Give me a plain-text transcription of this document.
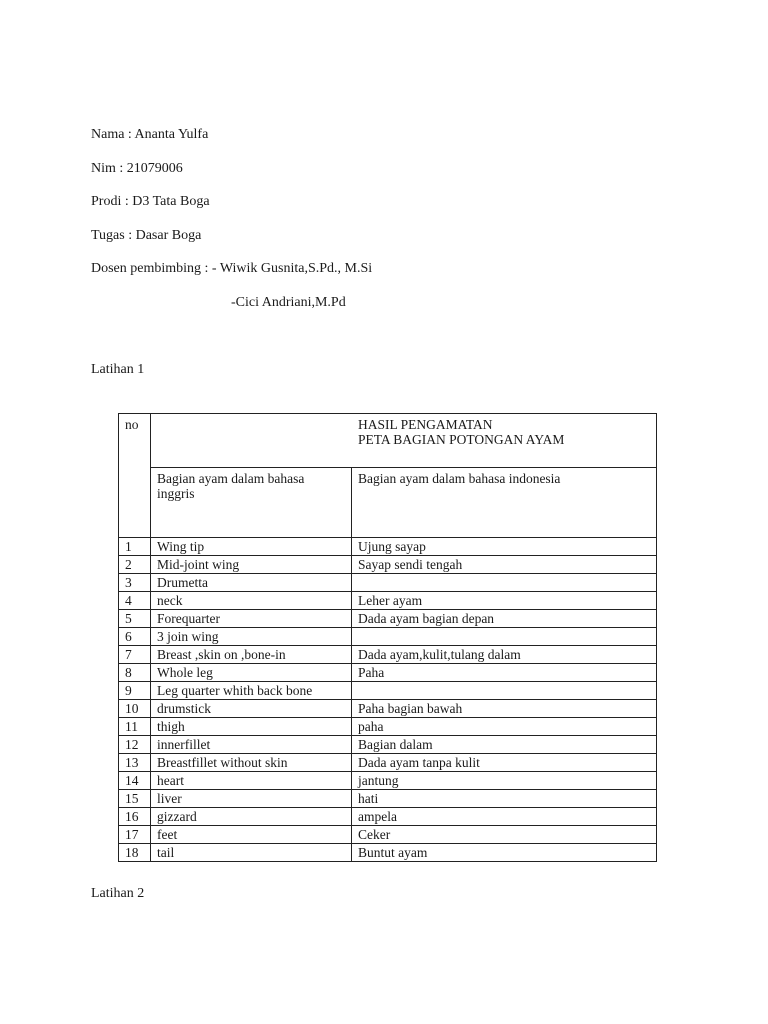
Nama : Ananta Yulfa
Nim : 21079006
Prodi : D3 Tata Boga
Tugas : Dasar Boga
Dosen pembimbing : - Wiwik Gusnita,S.Pd., M.Si
-Cici Andriani,M.Pd
Latihan 1
no	HASIL PENGAMATAN
PETA BAGIAN POTONGAN AYAM	

	Bagian ayam dalam bahasa inggris	Bagian ayam dalam bahasa indonesia
1	Wing tip	Ujung sayap
2	Mid-joint wing	Sayap sendi tengah
3	Drumetta	
4	neck	Leher ayam
5	Forequarter	Dada ayam bagian depan
6	3 join wing	
7	Breast ,skin on ,bone-in	Dada ayam,kulit,tulang dalam
8	Whole leg	Paha
9	Leg quarter whith back bone	
10	drumstick	Paha bagian bawah
11	thigh	paha
12	innerfillet	Bagian dalam
13	Breastfillet without skin	Dada ayam tanpa kulit
14	heart	jantung
15	liver	hati
16	gizzard	ampela
17	feet	Ceker
18	tail	Buntut ayam
Latihan 2
